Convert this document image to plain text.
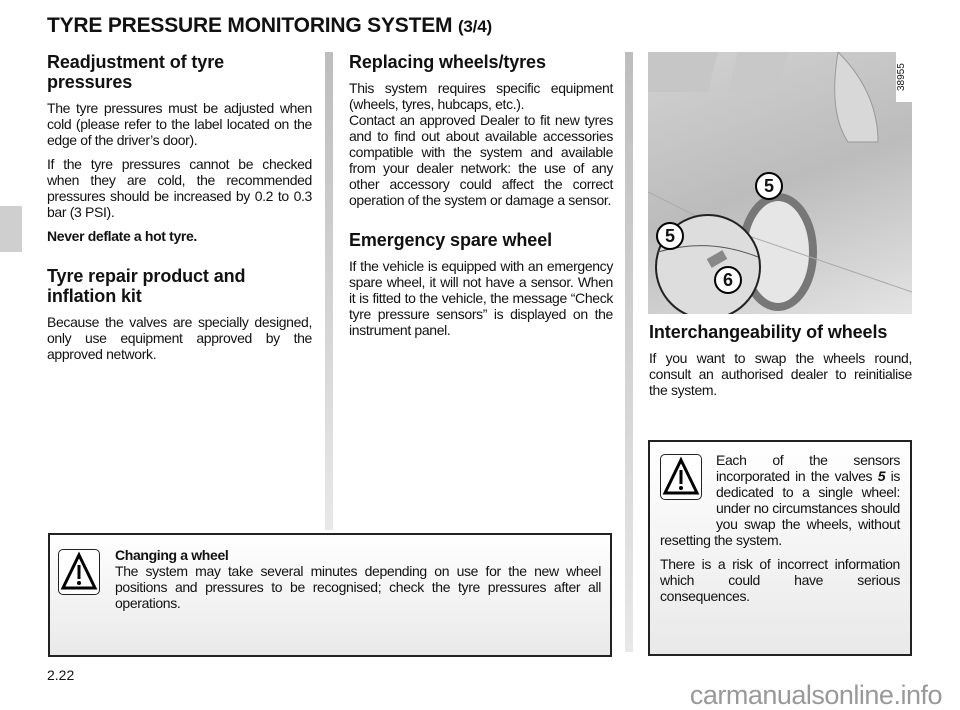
TYRE PRESSURE MONITORING SYSTEM (3/4)
Readjustment of tyre pressures

The tyre pressures must be adjusted when cold (please refer to the label located on the edge of the driver’s door).

If the tyre pressures cannot be checked when they are cold, the recommended pressures should be increased by 0.2 to 0.3 bar (3 PSI).

Never deflate a hot tyre.

Tyre repair product and inflation kit

Because the valves are specially designed, only use equipment approved by the approved network.

Replacing wheels/tyres

This system requires specific equipment (wheels, tyres, hubcaps, etc.).

Contact an approved Dealer to fit new tyres and to find out about available accessories compatible with the system and available from your dealer network: the use of any other accessory could affect the correct operation of the system or damage a sensor.

Emergency spare wheel

If the vehicle is equipped with an emergency spare wheel, it will not have a sensor. When it is fitted to the vehicle, the message “Check tyre pressure sensors” is displayed on the instrument panel.

38955
5
5
6
Interchangeability of wheels

If you want to swap the wheels round, consult an authorised dealer to reinitialise the system.

Each of the sensors incorporated in the valves 5 is dedicated to a single wheel: under no circumstances should you swap the wheels, without resetting the system.

There is a risk of incorrect information which could have serious consequences.

Changing a wheel
The system may take several minutes depending on use for the new wheel positions and pressures to be recognised; check the tyre pressures after all operations.
2.22
carmanualsonline.info
